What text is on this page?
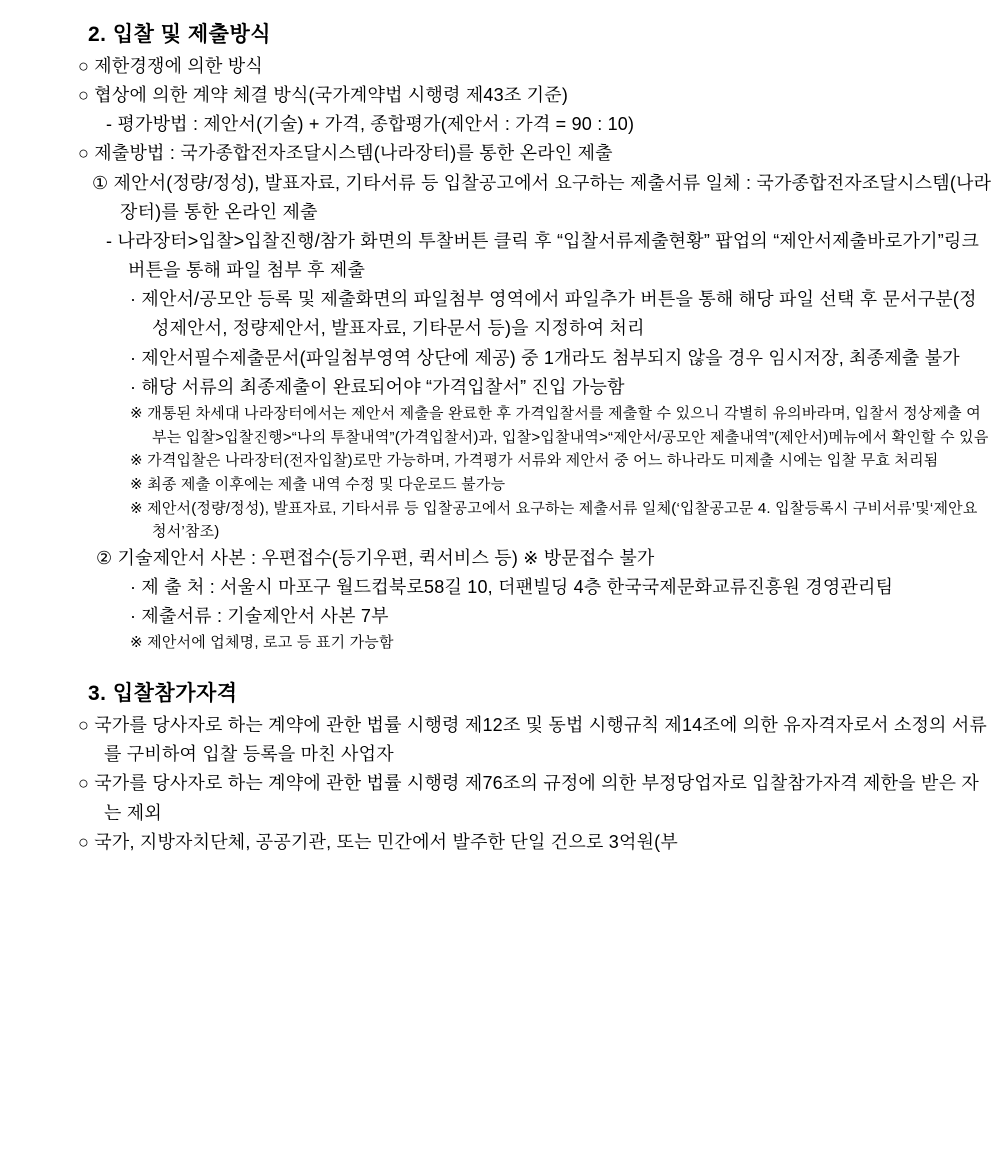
2. 입찰 및 제출방식
○ 제한경쟁에 의한 방식
○ 협상에 의한 계약 체결 방식(국가계약법 시행령 제43조 기준)
- 평가방법 : 제안서(기술) + 가격, 종합평가(제안서 : 가격 = 90 : 10)
○ 제출방법 : 국가종합전자조달시스템(나라장터)를 통한 온라인 제출
① 제안서(정량/정성), 발표자료, 기타서류 등 입찰공고에서 요구하는 제출서류 일체 : 국가종합전자조달시스템(나라장터)를 통한 온라인 제출
- 나라장터>입찰>입찰진행/참가 화면의 투찰버튼 클릭 후 “입찰서류제출현황” 팝업의 “제안서제출바로가기”링크버튼을 통해 파일 첨부 후 제출
· 제안서/공모안 등록 및 제출화면의 파일첨부 영역에서 파일추가 버튼을 통해 해당 파일 선택 후 문서구분(정성제안서, 정량제안서, 발표자료, 기타문서 등)을 지정하여 처리
· 제안서필수제출문서(파일첨부영역 상단에 제공) 중 1개라도 첨부되지 않을 경우 임시저장, 최종제출 불가
· 해당 서류의 최종제출이 완료되어야 “가격입찰서” 진입 가능함
※ 개통된 차세대 나라장터에서는 제안서 제출을 완료한 후 가격입찰서를 제출할 수 있으니 각별히 유의바라며, 입찰서 정상제출 여부는 입찰>입찰진행>“나의 투찰내역”(가격입찰서)과, 입찰>입찰내역>“제안서/공모안 제출내역”(제안서)메뉴에서 확인할 수 있음
※ 가격입찰은 나라장터(전자입찰)로만 가능하며, 가격평가 서류와 제안서 중 어느 하나라도 미제출 시에는 입찰 무효 처리됨
※ 최종 제출 이후에는 제출 내역 수정 및 다운로드 불가능
※ 제안서(정량/정성), 발표자료, 기타서류 등 입찰공고에서 요구하는 제출서류 일체(‘입찰공고문 4. 입찰등록시 구비서류’및‘제안요청서’참조)
② 기술제안서 사본 : 우편접수(등기우편, 퀵서비스 등) ※ 방문접수 불가
· 제 출 처 : 서울시 마포구 월드컵북로58길 10, 더팬빌딩 4층 한국국제문화교류진흥원 경영관리팀
· 제출서류 : 기술제안서 사본 7부
※ 제안서에 업체명, 로고 등 표기 가능함
3. 입찰참가자격
○ 국가를 당사자로 하는 계약에 관한 법률 시행령 제12조 및 동법 시행규칙 제14조에 의한 유자격자로서 소정의 서류를 구비하여 입찰 등록을 마친 사업자
○ 국가를 당사자로 하는 계약에 관한 법률 시행령 제76조의 규정에 의한 부정당업자로 입찰참가자격 제한을 받은 자는 제외
○ 국가, 지방자치단체, 공공기관, 또는 민간에서 발주한 단일 건으로 3억원(부
